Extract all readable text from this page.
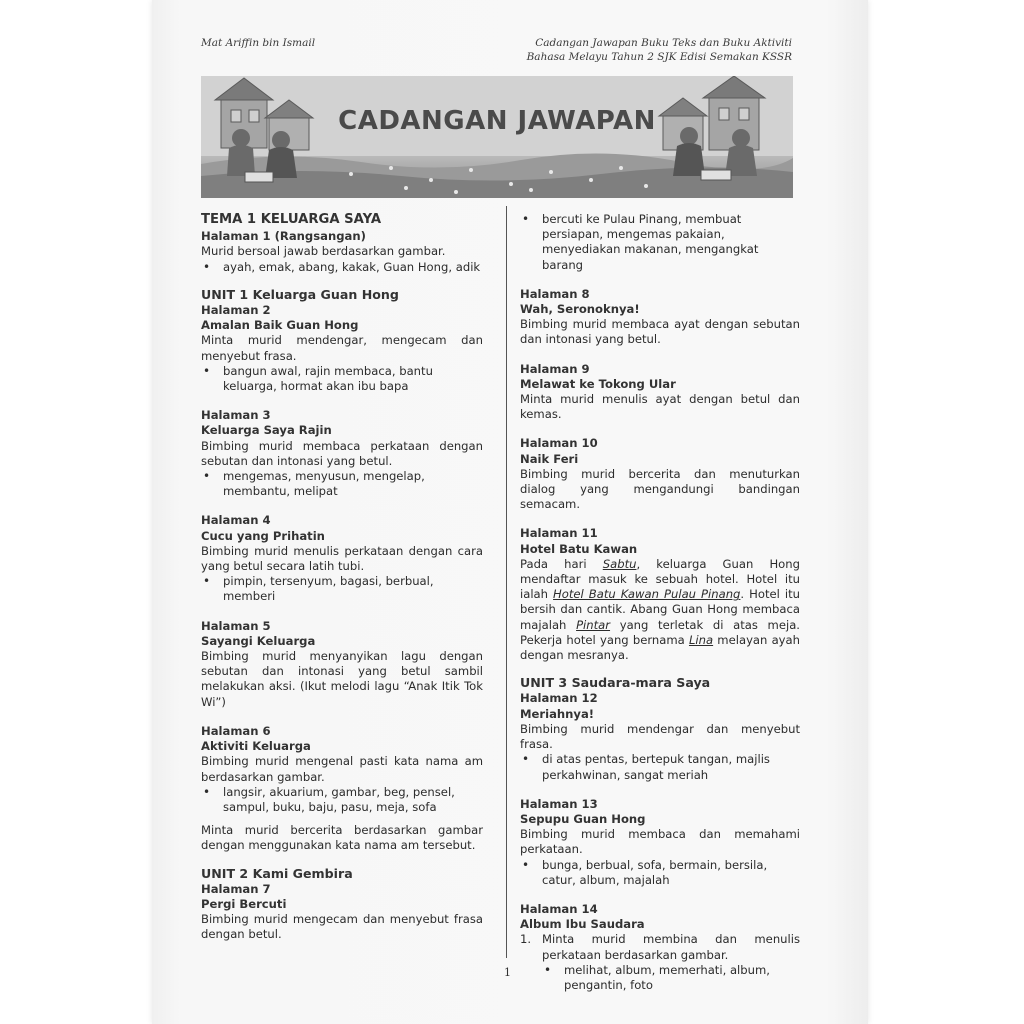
Mat Ariffin bin Ismail	Cadangan Jawapan Buku Teks dan Buku Aktiviti
Bahasa Melayu Tahun 2 SJK Edisi Semakan KSSR
CADANGAN JAWAPAN
TEMA 1 KELUARGA SAYA
Halaman 1 (Rangsangan)
Murid bersoal jawab berdasarkan gambar.
• ayah, emak, abang, kakak, Guan Hong, adik
UNIT 1 Keluarga Guan Hong
Halaman 2
Amalan Baik Guan Hong
Minta murid mendengar, mengecam dan menyebut frasa.
• bangun awal, rajin membaca, bantu keluarga, hormat akan ibu bapa
Halaman 3
Keluarga Saya Rajin
Bimbing murid membaca perkataan dengan sebutan dan intonasi yang betul.
• mengemas, menyusun, mengelap, membantu, melipat
Halaman 4
Cucu yang Prihatin
Bimbing murid menulis perkataan dengan cara yang betul secara latih tubi.
• pimpin, tersenyum, bagasi, berbual, memberi
Halaman 5
Sayangi Keluarga
Bimbing murid menyanyikan lagu dengan sebutan dan intonasi yang betul sambil melakukan aksi. (Ikut melodi lagu “Anak Itik Tok Wi”)
Halaman 6
Aktiviti Keluarga
Bimbing murid mengenal pasti kata nama am berdasarkan gambar.
• langsir, akuarium, gambar, beg, pensel, sampul, buku, baju, pasu, meja, sofa
Minta murid bercerita berdasarkan gambar dengan menggunakan kata nama am tersebut.
UNIT 2 Kami Gembira
Halaman 7
Pergi Bercuti
Bimbing murid mengecam dan menyebut frasa dengan betul.
• bercuti ke Pulau Pinang, membuat persiapan, mengemas pakaian, menyediakan makanan, mengangkat barang
Halaman 8
Wah, Seronoknya!
Bimbing murid membaca ayat dengan sebutan dan intonasi yang betul.
Halaman 9
Melawat ke Tokong Ular
Minta murid menulis ayat dengan betul dan kemas.
Halaman 10
Naik Feri
Bimbing murid bercerita dan menuturkan dialog yang mengandungi bandingan semacam.
Halaman 11
Hotel Batu Kawan
Pada hari Sabtu, keluarga Guan Hong mendaftar masuk ke sebuah hotel. Hotel itu ialah Hotel Batu Kawan Pulau Pinang. Hotel itu bersih dan cantik. Abang Guan Hong membaca majalah Pintar yang terletak di atas meja. Pekerja hotel yang bernama Lina melayan ayah dengan mesranya.
UNIT 3 Saudara-mara Saya
Halaman 12
Meriahnya!
Bimbing murid mendengar dan menyebut frasa.
• di atas pentas, bertepuk tangan, majlis perkahwinan, sangat meriah
Halaman 13
Sepupu Guan Hong
Bimbing murid membaca dan memahami perkataan.
• bunga, berbual, sofa, bermain, bersila, catur, album, majalah
Halaman 14
Album Ibu Saudara
1. Minta murid membina dan menulis perkataan berdasarkan gambar.
• melihat, album, memerhati, album, pengantin, foto
1
